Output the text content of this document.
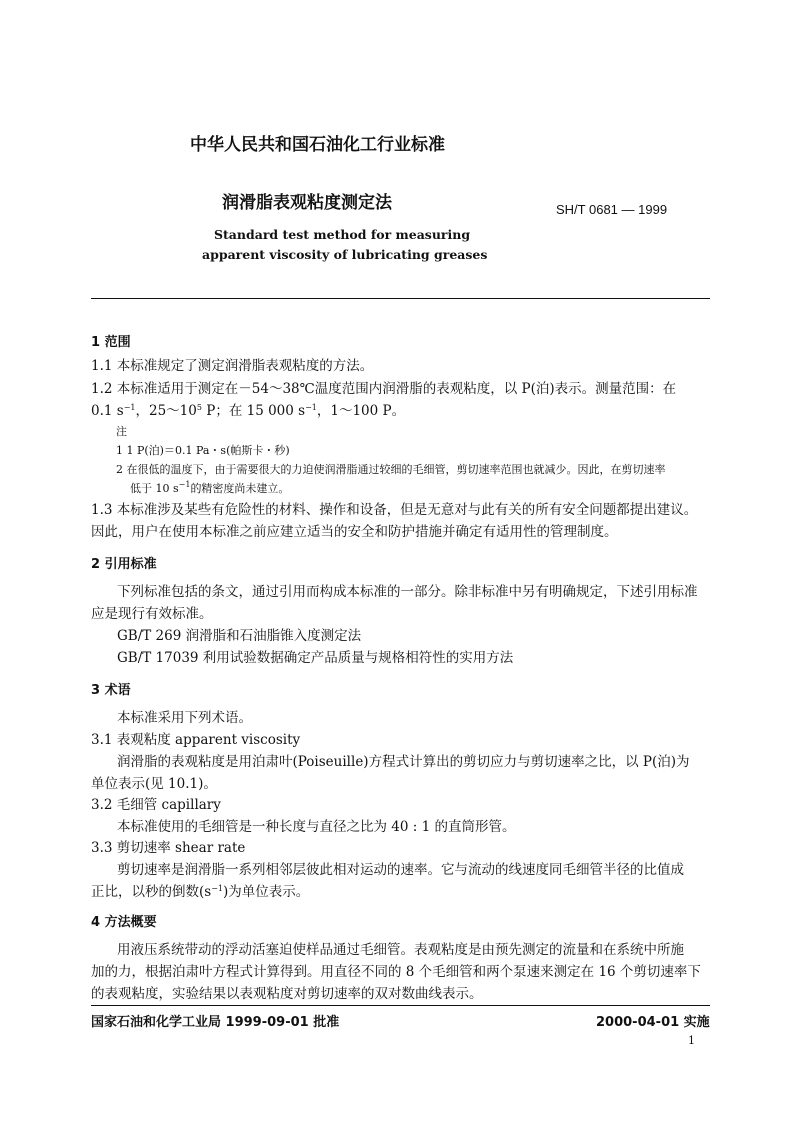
中华人民共和国石油化工行业标准
润滑脂表观粘度测定法	SH/T 0681 — 1999
Standard test method for measuring
apparent viscosity of lubricating greases
1 范围
1.1 本标准规定了测定润滑脂表观粘度的方法。
1.2 本标准适用于测定在－54～38℃温度范围内润滑脂的表观粘度，以 P(泊)表示。测量范围：在
0.1 $s^{-1}$，$25\sim 10^5$ P；在 15 000 $s^{-1}$，1～100 P。
注
1 1 P(泊)＝0.1 Pa・s(帕斯卡・秒)
2 在很低的温度下，由于需要很大的力迫使润滑脂通过较细的毛细管，剪切速率范围也就减少。因此，在剪切速率
低于 10 $s^{-1}$的精密度尚未建立。
1.3 本标准涉及某些有危险性的材料、操作和设备，但是无意对与此有关的所有安全问题都提出建议。
因此，用户在使用本标准之前应建立适当的安全和防护措施并确定有适用性的管理制度。
2 引用标准
下列标准包括的条文，通过引用而构成本标准的一部分。除非标准中另有明确规定，下述引用标准
应是现行有效标准。
GB/T 269 润滑脂和石油脂锥入度测定法
GB/T 17039 利用试验数据确定产品质量与规格相符性的实用方法
3 术语
本标准采用下列术语。
3.1 表观粘度 apparent viscosity
润滑脂的表观粘度是用泊肃叶(Poiseuille)方程式计算出的剪切应力与剪切速率之比，以 P(泊)为
单位表示(见 10.1)。
3.2 毛细管 capillary
本标准使用的毛细管是一种长度与直径之比为 40 : 1 的直筒形管。
3.3 剪切速率 shear rate
剪切速率是润滑脂一系列相邻层彼此相对运动的速率。它与流动的线速度同毛细管半径的比值成
正比，以秒的倒数$(s^{-1})$为单位表示。
4 方法概要
用液压系统带动的浮动活塞迫使样品通过毛细管。表观粘度是由预先测定的流量和在系统中所施
加的力，根据泊肃叶方程式计算得到。用直径不同的 8 个毛细管和两个泵速来测定在 16 个剪切速率下
的表观粘度，实验结果以表观粘度对剪切速率的双对数曲线表示。
国家石油和化学工业局 1999-09-01 批准	2000-04-01 实施
1
